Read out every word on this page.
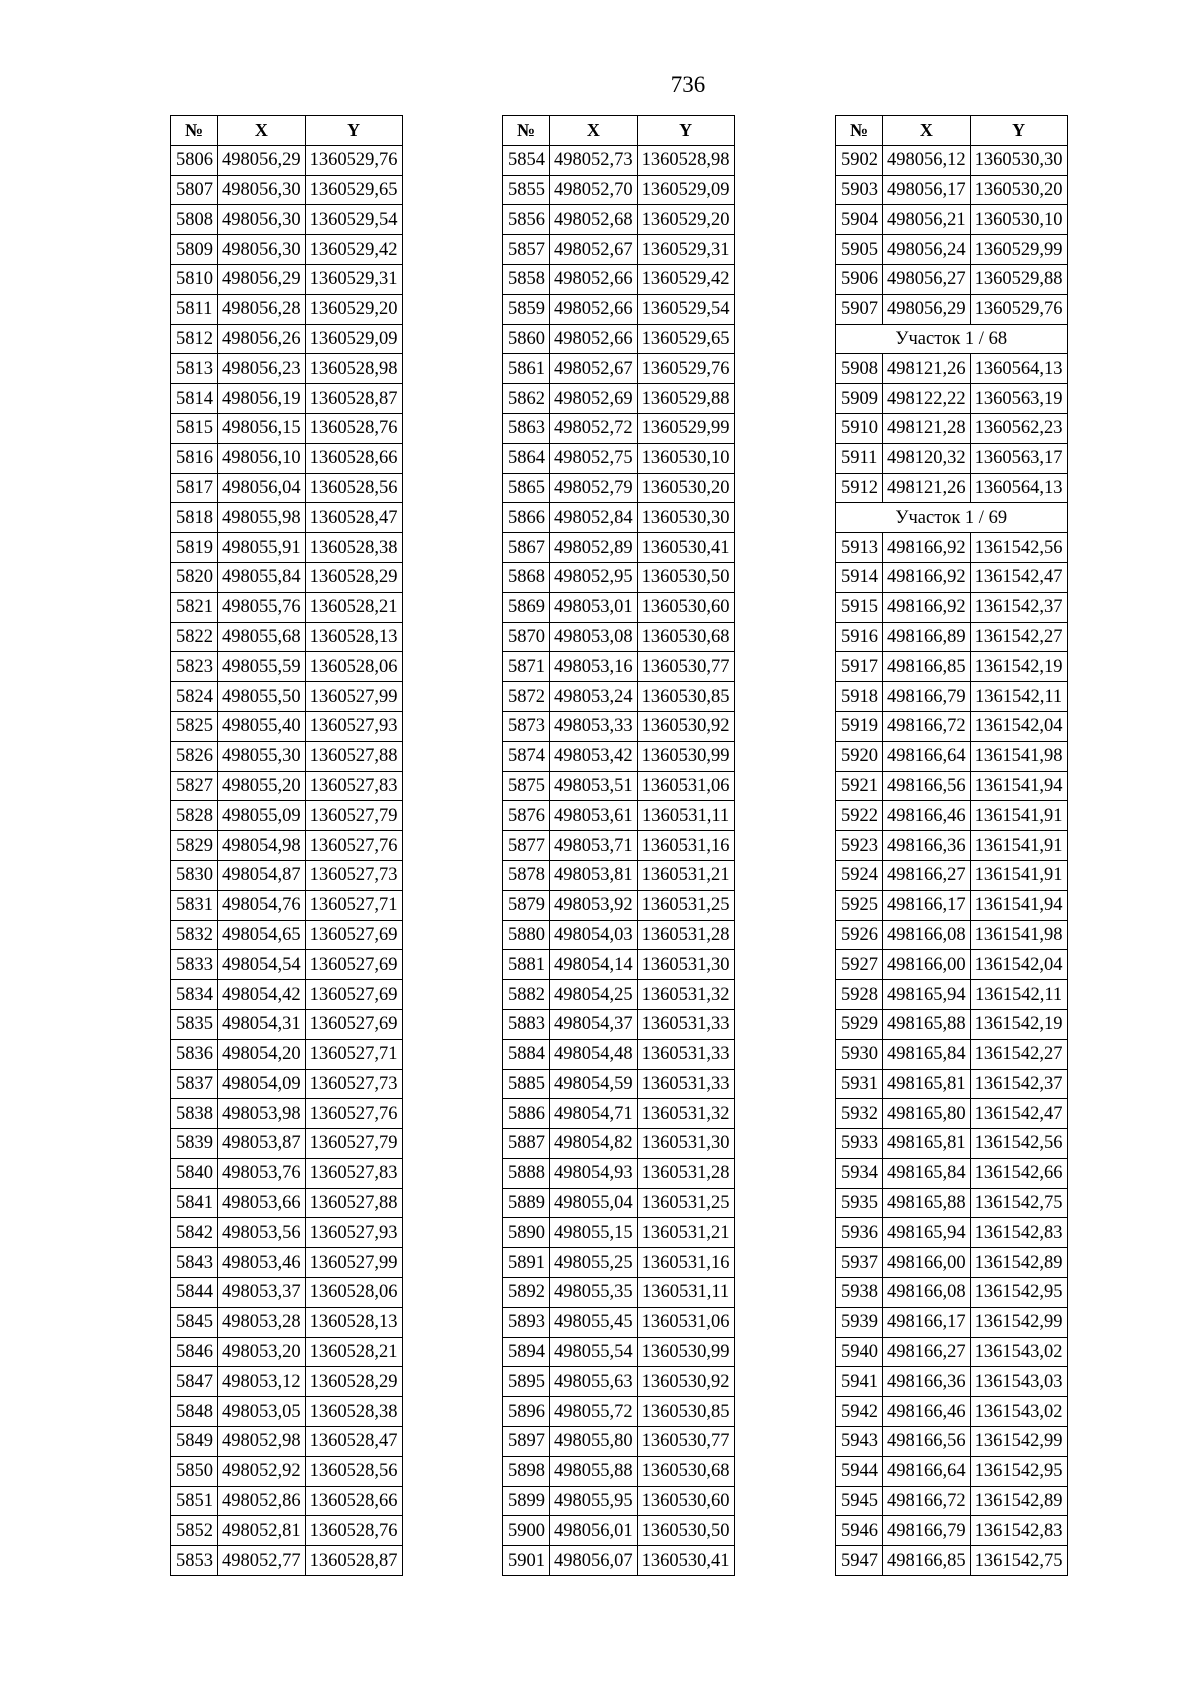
736
№	X	Y
5806	498056,29	1360529,76
5807	498056,30	1360529,65
5808	498056,30	1360529,54
5809	498056,30	1360529,42
5810	498056,29	1360529,31
5811	498056,28	1360529,20
5812	498056,26	1360529,09
5813	498056,23	1360528,98
5814	498056,19	1360528,87
5815	498056,15	1360528,76
5816	498056,10	1360528,66
5817	498056,04	1360528,56
5818	498055,98	1360528,47
5819	498055,91	1360528,38
5820	498055,84	1360528,29
5821	498055,76	1360528,21
5822	498055,68	1360528,13
5823	498055,59	1360528,06
5824	498055,50	1360527,99
5825	498055,40	1360527,93
5826	498055,30	1360527,88
5827	498055,20	1360527,83
5828	498055,09	1360527,79
5829	498054,98	1360527,76
5830	498054,87	1360527,73
5831	498054,76	1360527,71
5832	498054,65	1360527,69
5833	498054,54	1360527,69
5834	498054,42	1360527,69
5835	498054,31	1360527,69
5836	498054,20	1360527,71
5837	498054,09	1360527,73
5838	498053,98	1360527,76
5839	498053,87	1360527,79
5840	498053,76	1360527,83
5841	498053,66	1360527,88
5842	498053,56	1360527,93
5843	498053,46	1360527,99
5844	498053,37	1360528,06
5845	498053,28	1360528,13
5846	498053,20	1360528,21
5847	498053,12	1360528,29
5848	498053,05	1360528,38
5849	498052,98	1360528,47
5850	498052,92	1360528,56
5851	498052,86	1360528,66
5852	498052,81	1360528,76
5853	498052,77	1360528,87
№	X	Y
5854	498052,73	1360528,98
5855	498052,70	1360529,09
5856	498052,68	1360529,20
5857	498052,67	1360529,31
5858	498052,66	1360529,42
5859	498052,66	1360529,54
5860	498052,66	1360529,65
5861	498052,67	1360529,76
5862	498052,69	1360529,88
5863	498052,72	1360529,99
5864	498052,75	1360530,10
5865	498052,79	1360530,20
5866	498052,84	1360530,30
5867	498052,89	1360530,41
5868	498052,95	1360530,50
5869	498053,01	1360530,60
5870	498053,08	1360530,68
5871	498053,16	1360530,77
5872	498053,24	1360530,85
5873	498053,33	1360530,92
5874	498053,42	1360530,99
5875	498053,51	1360531,06
5876	498053,61	1360531,11
5877	498053,71	1360531,16
5878	498053,81	1360531,21
5879	498053,92	1360531,25
5880	498054,03	1360531,28
5881	498054,14	1360531,30
5882	498054,25	1360531,32
5883	498054,37	1360531,33
5884	498054,48	1360531,33
5885	498054,59	1360531,33
5886	498054,71	1360531,32
5887	498054,82	1360531,30
5888	498054,93	1360531,28
5889	498055,04	1360531,25
5890	498055,15	1360531,21
5891	498055,25	1360531,16
5892	498055,35	1360531,11
5893	498055,45	1360531,06
5894	498055,54	1360530,99
5895	498055,63	1360530,92
5896	498055,72	1360530,85
5897	498055,80	1360530,77
5898	498055,88	1360530,68
5899	498055,95	1360530,60
5900	498056,01	1360530,50
5901	498056,07	1360530,41
№	X	Y
5902	498056,12	1360530,30
5903	498056,17	1360530,20
5904	498056,21	1360530,10
5905	498056,24	1360529,99
5906	498056,27	1360529,88
5907	498056,29	1360529,76
Участок 1 / 68		
5908	498121,26	1360564,13
5909	498122,22	1360563,19
5910	498121,28	1360562,23
5911	498120,32	1360563,17
5912	498121,26	1360564,13
Участок 1 / 69		
5913	498166,92	1361542,56
5914	498166,92	1361542,47
5915	498166,92	1361542,37
5916	498166,89	1361542,27
5917	498166,85	1361542,19
5918	498166,79	1361542,11
5919	498166,72	1361542,04
5920	498166,64	1361541,98
5921	498166,56	1361541,94
5922	498166,46	1361541,91
5923	498166,36	1361541,91
5924	498166,27	1361541,91
5925	498166,17	1361541,94
5926	498166,08	1361541,98
5927	498166,00	1361542,04
5928	498165,94	1361542,11
5929	498165,88	1361542,19
5930	498165,84	1361542,27
5931	498165,81	1361542,37
5932	498165,80	1361542,47
5933	498165,81	1361542,56
5934	498165,84	1361542,66
5935	498165,88	1361542,75
5936	498165,94	1361542,83
5937	498166,00	1361542,89
5938	498166,08	1361542,95
5939	498166,17	1361542,99
5940	498166,27	1361543,02
5941	498166,36	1361543,03
5942	498166,46	1361543,02
5943	498166,56	1361542,99
5944	498166,64	1361542,95
5945	498166,72	1361542,89
5946	498166,79	1361542,83
5947	498166,85	1361542,75
